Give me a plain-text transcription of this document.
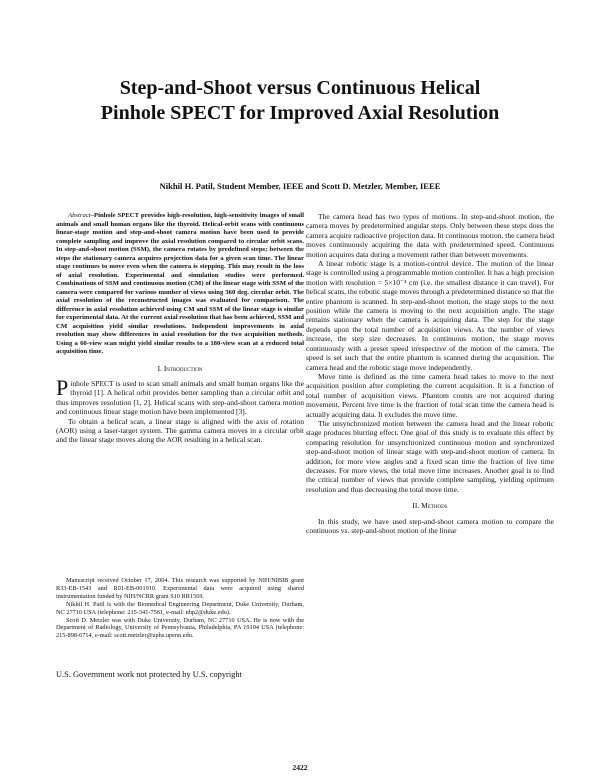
Step-and-Shoot versus Continuous Helical
Pinhole SPECT for Improved Axial Resolution
Nikhil H. Patil, Student Member, IEEE and Scott D. Metzler, Member, IEEE

Abstract–Pinhole SPECT provides high-resolution, high-sensitivity images of small animals and small human organs like the thyroid. Helical-orbit scans with continuous linear-stage motion and step-and-shoot camera motion have been used to provide complete sampling and improve the axial resolution compared to circular orbit scans. In step-and-shoot motion (SSM), the camera rotates by predefined steps; between the steps the stationary camera acquires projection data for a given scan time. The linear stage continues to move even when the camera is stepping. This may result in the loss of axial resolution. Experimental and simulation studies were performed. Combinations of SSM and continuous motion (CM) of the linear stage with SSM of the camera were compared for various number of views using 360 deg. circular orbit. The axial resolution of the reconstructed images was evaluated for comparison. The difference in axial resolution achieved using CM and SSM of the linear stage is similar for experimental data. At the current axial resolution that has been achieved, SSM and CM acquisition yield similar resolutions. Independent improvements in axial resolution may show differences in axial resolution for the two acquisition methods. Using a 60-view scan might yield similar results to a 180-view scan at a reduced total acquisition time.

I. Introduction

Pinhole SPECT is used to scan small animals and small human organs like the thyroid [1]. A helical orbit provides better sampling than a circular orbit and thus improves resolution [1, 2]. Helical scans with step-and-shoot camera motion and continuous linear stage motion have been implemented [3].

To obtain a helical scan, a linear stage is aligned with the axis of rotation (AOR) using a laser-target system. The gamma camera moves in a circular orbit and the linear stage moves along the AOR resulting in a helical scan.

The camera head has two types of motions. In step-and-shoot motion, the camera moves by predetermined angular steps. Only between these steps does the camera acquire radioactive projection data. In continuous motion, the camera head moves continuously acquiring the data with predetermined speed. Continuous motion acquires data during a movement rather than between movements.

A linear robotic stage is a motion-control device. The motion of the linear stage is controlled using a programmable motion controller. It has a high precision motion with resolution = 5×10⁻⁴ cm (i.e. the smallest distance it can travel). For helical scans, the robotic stage moves through a predetermined distance so that the entire phantom is scanned. In step-and-shoot motion, the stage steps to the next position while the camera is moving to the next acquisition angle. The stage remains stationary when the camera is acquiring data. The step for the stage depends upon the total number of acquisition views. As the number of views increase, the step size decreases. In continuous motion, the stage moves continuously with a preset speed irrespective of the motion of the camera. The speed is set such that the entire phantom is scanned during the acquisition. The camera head and the robotic stage move independently.

Move time is defined as the time camera head takes to move to the next acquisition position after completing the current acquisition. It is a function of total number of acquisition views. Phantom counts are not acquired during movement. Percent live time is the fraction of total scan time the camera head is actually acquiring data. It excludes the move time.

The unsynchronized motion between the camera head and the linear robotic stage produces blurring effect. One goal of this study is to evaluate this effect by comparing resolution for unsynchronized continuous motion and synchronized step-and-shoot motion of linear stage with step-and-shoot motion of camera. In addition, for more view angles and a fixed scan time the fraction of live time decreases. For more views, the total move time increases. Another goal is to find the critical number of views that provide complete sampling, yielding optimum resolution and thus decreasing the total move time.

II. Methods

In this study, we have used step-and-shoot camera motion to compare the continuous vs. step-and-shoot motion of the linear

Manuscript received October 17, 2004. This research was supported by NIH/NIBIB grant R33-EB-1543 and R01-EB-001910. Experimental data were acquired using shared instrumentation funded by NIH/NCRR grant S10 RR1569.

Nikhil H. Patil is with the Biomedical Engineering Department, Duke University, Durham, NC 27710 USA (telephone: 215-341-7561, e-mail: nhp2@duke.edu).

Scott D. Metzler was with Duke University, Durham, NC 27710 USA. He is now with the Department of Radiology, University of Pennsylvania, Philadelphia, PA 19104 USA (telephone: 215-898-6714, e-mail: scott.metzler@uphs.upenn.edu.

U.S. Government work not protected by U.S. copyright
2422
